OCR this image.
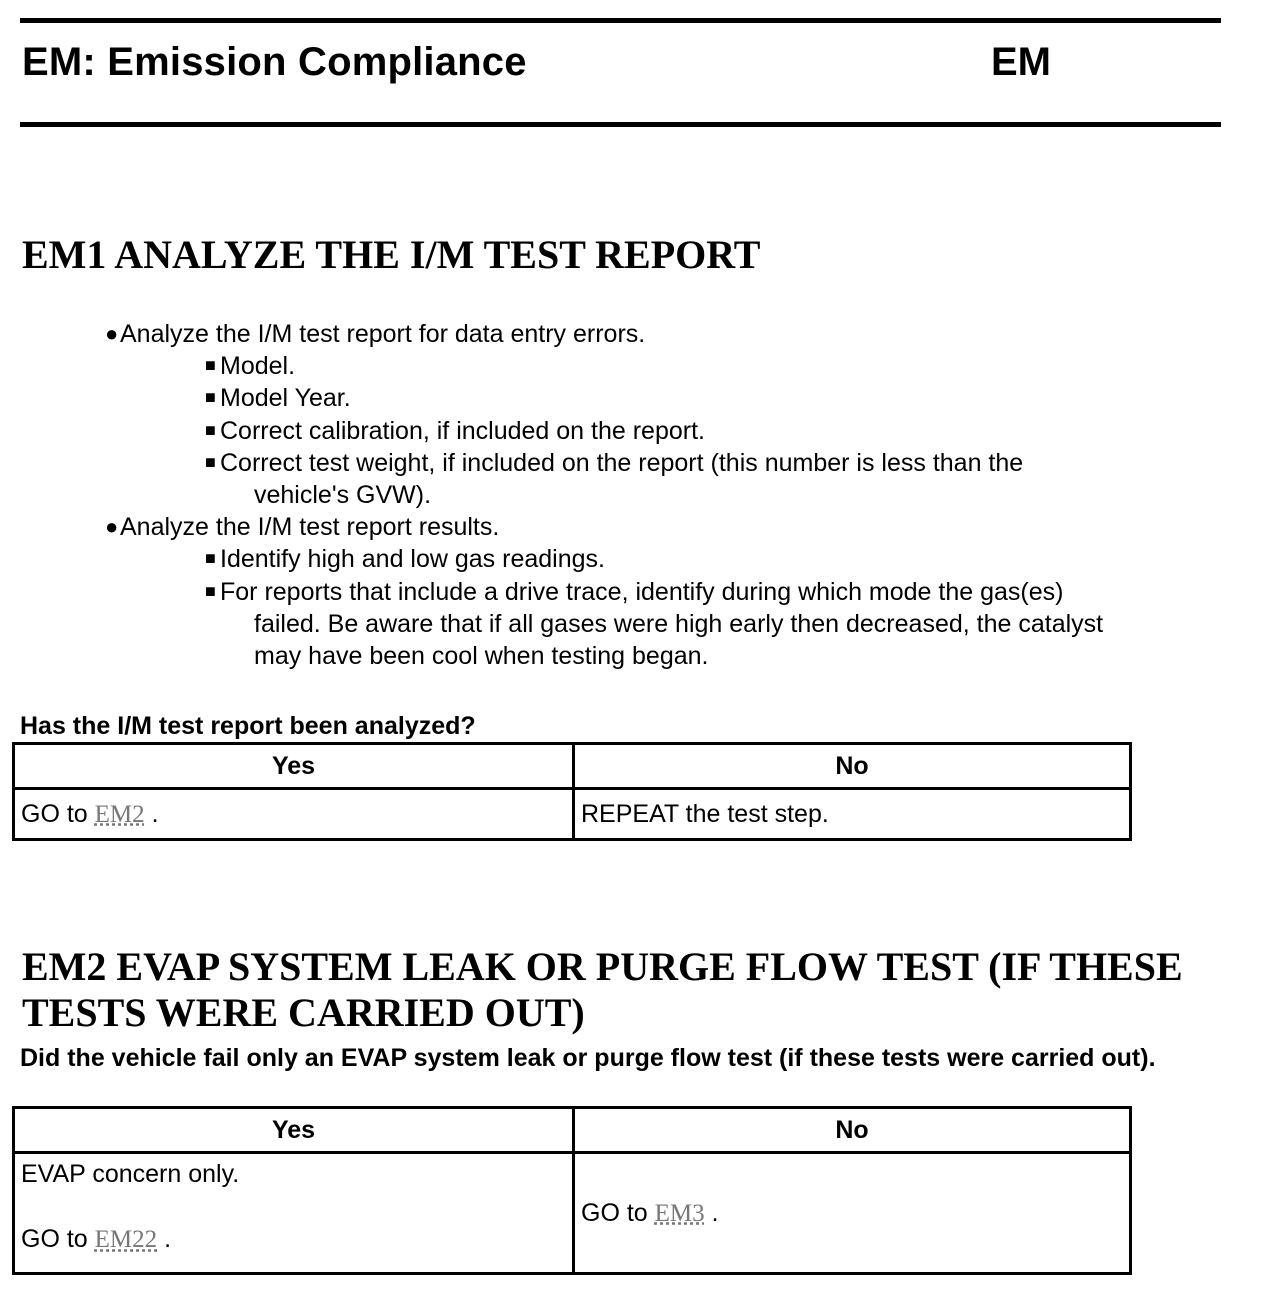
EM: Emission Compliance	EM
EM1 ANALYZE THE I/M TEST REPORT
● Analyze the I/M test report for data entry errors.
■ Model.
■ Model Year.
■ Correct calibration, if included on the report.
■ Correct test weight, if included on the report (this number is less than the
vehicle's GVW).
● Analyze the I/M test report results.
■ Identify high and low gas readings.
■ For reports that include a drive trace, identify during which mode the gas(es)
failed. Be aware that if all gases were high early then decreased, the catalyst
may have been cool when testing began.

Has the I/M test report been analyzed?

Yes	No
GO to EM2 .	REPEAT the test step.
EM2 EVAP SYSTEM LEAK OR PURGE FLOW TEST (IF THESE TESTS WERE CARRIED OUT)

Did the vehicle fail only an EVAP system leak or purge flow test (if these tests were carried out).

Yes	No
EVAP concern only.
GO to EM22 .	GO to EM3 .
